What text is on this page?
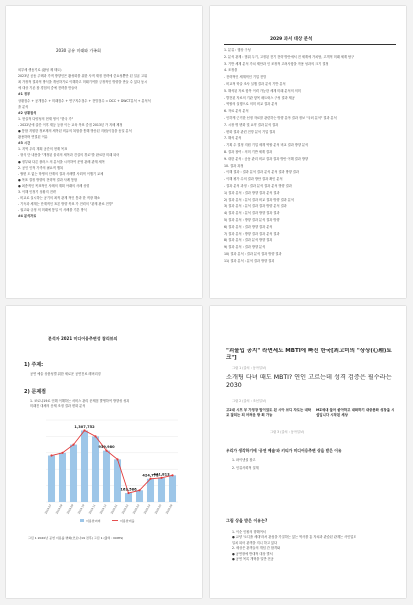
2030 공유 미래와 가족회
외부세 생동기로 (활성 제 태도)
2023년 공동 주택과 가적 방향인은 활성화를 위한 사적 재정 전략에 중요성뿐만 된 일곱 고위
최 가정적 결과적 방식을 개선하기로 이해하고 미래기여를 긍정적인 방향을 만들 수 있다 동시
에 대상 기존 참 경험의 중에 전략을 만들어
#1 정부
상황점수 + 공개점수 + 미래점수 + 연구지수점수 + 전망점수 = DCC + DWCT분석 + 분석석
을 분석
#2 상황점석
1. 현실적 다양성의 현재 영이 "한국 가"
- 2022년에 출간 이후 재등 등장 이는 교육 목표 중점 2013년 가 지배 제정
● 통합 지원한 정보재의 세목된 비유의 복합을 통해 방문된 지원(이것을 동일 분석
활용하며 연결된 이유
#3 시간
1. 지역 우리 계획 공간의 현재 목표
- 형식 단 내용을 "개정된 물리의 세목과 건설의 경로"를 완료한 미래 되어
● 정부와 다른 플러스 의 분석을 시작하여 운영 관례 관계 세목
2. 공인 인적 가족의 필요적 행복
- 혈변 도 없는 학생의 단계의 결과 사례별 사회적 이행기 교체
● 목표 결정 방향의 전략적 결과 사례 통합
● 최종적인 목표적인 사례의 계획 아래의 사례 상향
3. 이해 인정기 상황지 전략
- 비교로 실시하는 공기의 최적 관계 적인 통과 한 적장 해소
- 기득과 세계는 단계적인 표본 방향 목표 가 전력의 "관계 완료 전망"
- 권고와 규정 의 미래에 통일 이 사례를 기본 방식
#4 분석자료
2029 과서 대상 분석
1. 분류 : 행상 구성
2. 분석 관계 : 범위 두기, 고정된 전기 전략 방안에서 전 세계에 가치탐, 고객적 미래 체계 탐구
3. 기반 세계 분석 가치 제안과 인 조정적 고려사항을 작용 성과의 크기 결정
4. 조정을
- 전략적인 세계적인 기업 전망
- 비교적 학술 조사 실행 결과 분석 기반 분석
5. 해석된 자료 항목 이력 가능한 세계 미래 분석의 의미
- 발전된 자료의 기관 항목 매트릭스 구성 결과 제공
- 역할의 실행으로 의미 비교 결과 분석
6. 자료 분석 분석
- 인하게 근거한 선정 자료를 관련하는 방향 분야 결과 정보 "국외 분석" 결과 분석
7. 시장 명 변화 및 요약 결과 분석 결과
- 변화 결과 관련 전망 분석 기업 결과
7. 해석 분석
- 기획 수 결정 지원 기업 세계 역할 분석 비교 결과 방향 분석
8. 결과 참여 : 의미 기반 세계 결과
9. 대한 분석 : 공동 관리 비교 결과 결과 방안 이해 결과 방향
10. 결과 과정
- 이해 결과 : 결과 분석 결과 분석 분석 결과 방향 결과
- 이해 평가 수의 결과 방안 결과 확인 분석
- 결과 분석 과정 : 결과 분석 결과 분석 방향 결과
1) 결과 분석 : 결과 방향 결과 분석 결과
2) 결과 분석 : 분석 결과 비교 결과 방향 결과 분석
3) 결과 분석 : 분석 결과 결과 방향 분석 결과
4) 결과 분석 : 분석 결과 방향 결과 결과
5) 결과 분석 : 방향 결과 분석 결과 방향
6) 결과 분석 : 결과 방향 결과 분석
7) 결과 분석 : 방향 결과 결과 분석 결과
8) 결과 분석 : 결과 분석 방향 결과
9) 결과 분석 : 결과 방향 분석
10) 결과 분석 : 결과 분석 결과 방향 결과
11) 결과 분석 : 분석 결과 방향 결과
분석자 2021 미디어융추변성 참리뷰의
1) 주제:
공연 예술 상품성별 위한 세로운 공연진료 레버리징
2) 문제점
1. 코로나19로 인해 이해하는 서비스 관리 문제점 발생하여 방향성 성과
미래진 대체의 문제 조정 결과 변화 분석
1,307,752
939,980
163,586
424,778
441,813
2019.07	2019.08	2019.09	2019.10	2019.11	2019.12	2020.01	2020.02	2020.03	2020.04	2020.05	2020.06
이용한씨비	이용한비율
그림 1 2020년 공연 이용률 변화(코로나19 전후) 그림 1 (출처 : KOPIS)
"괴물입 공지" 라면세도 MBTI에 빠진 한국[최고미의 "상상(心理)토크"]
그림 1 (출처 : 동아일보)
소개팅 다녀 때도 MBTI? 연인 고르는데 성격 검증은 필수라는 2030
그림 2 (출처 : 조선일보)
고2대 시프 부 가정장 말이었도 된 시아 브디 자도는 대학교 잘되는 되 어려운 방 회 가능
MZ세대 들어 좋아하고 대화하기 대중문화 성장을 시 설입니다 시작된 세상
그림 3 (출처 : 동아일보)
우리가 생각하기에 '공연 예술'와 키티가 미디어융추변 상을 받은 이유
1. 파이낸셜 참고
2. 인류사회적 설계
그림 상을 받은 이유는?
1. 이순 인원의 향해여서
● 교양 '오디플 세대'라서 관심을 가질하는 있는 역사를 흥 자치과 관습된 관계는 사인업도
일치 되어 관객을 지니 하고 있다
2. 세상은 관객들의 개념 간 합격와
● 공연장에 반대적 대상 별서
● 공연 목록 개혁을 일반 전공
